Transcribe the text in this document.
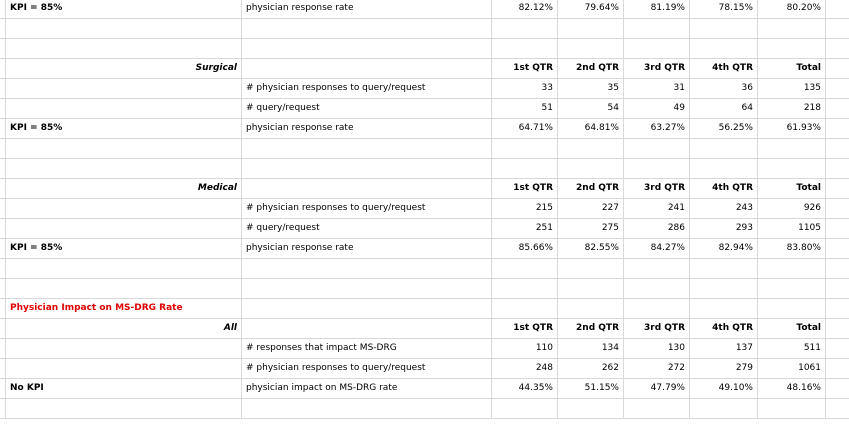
KPI = 85%	physician response rate	82.12%	79.64%	81.19%	78.15%	80.20%
Surgical	1st QTR	2nd QTR	3rd QTR	4th QTR	Total
# physician responses to query/request	33	35	31	36	135
# query/request	51	54	49	64	218
KPI = 85%	physician response rate	64.71%	64.81%	63.27%	56.25%	61.93%
Medical	1st QTR	2nd QTR	3rd QTR	4th QTR	Total
# physician responses to query/request	215	227	241	243	926
# query/request	251	275	286	293	1105
KPI = 85%	physician response rate	85.66%	82.55%	84.27%	82.94%	83.80%
Physician Impact on MS-DRG Rate
All	1st QTR	2nd QTR	3rd QTR	4th QTR	Total
# responses that impact MS-DRG	110	134	130	137	511
# physician responses to query/request	248	262	272	279	1061
No KPI	physician impact on MS-DRG rate	44.35%	51.15%	47.79%	49.10%	48.16%
